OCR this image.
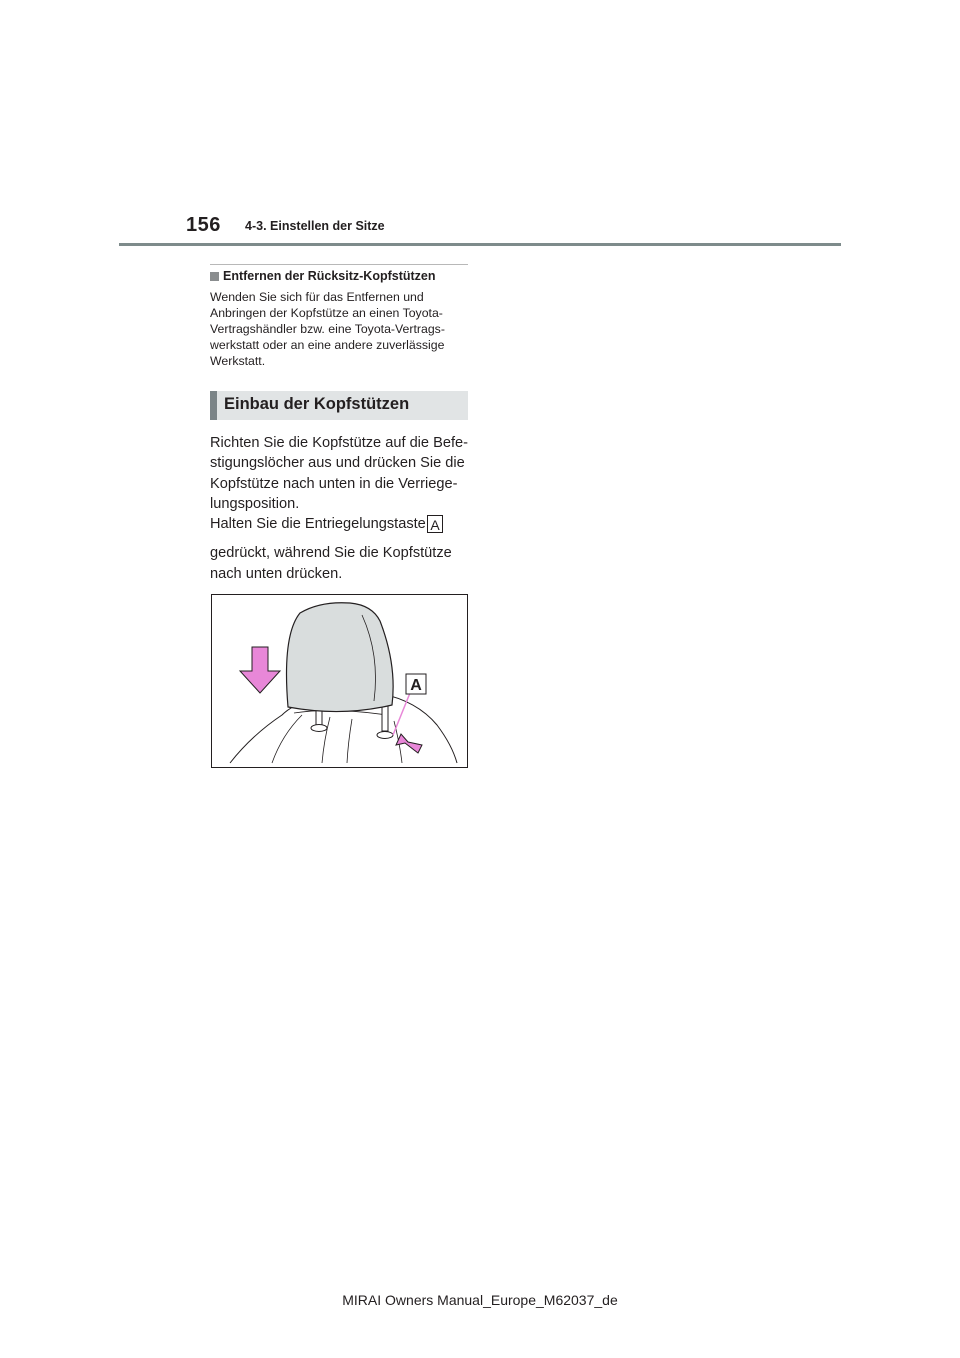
156 4-3. Einstellen der Sitze
Entfernen der Rücksitz-Kopfstützen
Wenden Sie sich für das Entfernen und Anbringen der Kopfstütze an einen Toyota-Vertragshändler bzw. eine Toyota-Vertrags-werkstatt oder an eine andere zuverlässige Werkstatt.
Einbau der Kopfstützen
Richten Sie die Kopfstütze auf die Befe-stigungslöcher aus und drücken Sie die Kopfstütze nach unten in die Verriege-lungsposition.
Halten Sie die Entriegelungstaste A
gedrückt, während Sie die Kopfstütze nach unten drücken.
A
MIRAI Owners Manual_Europe_M62037_de
